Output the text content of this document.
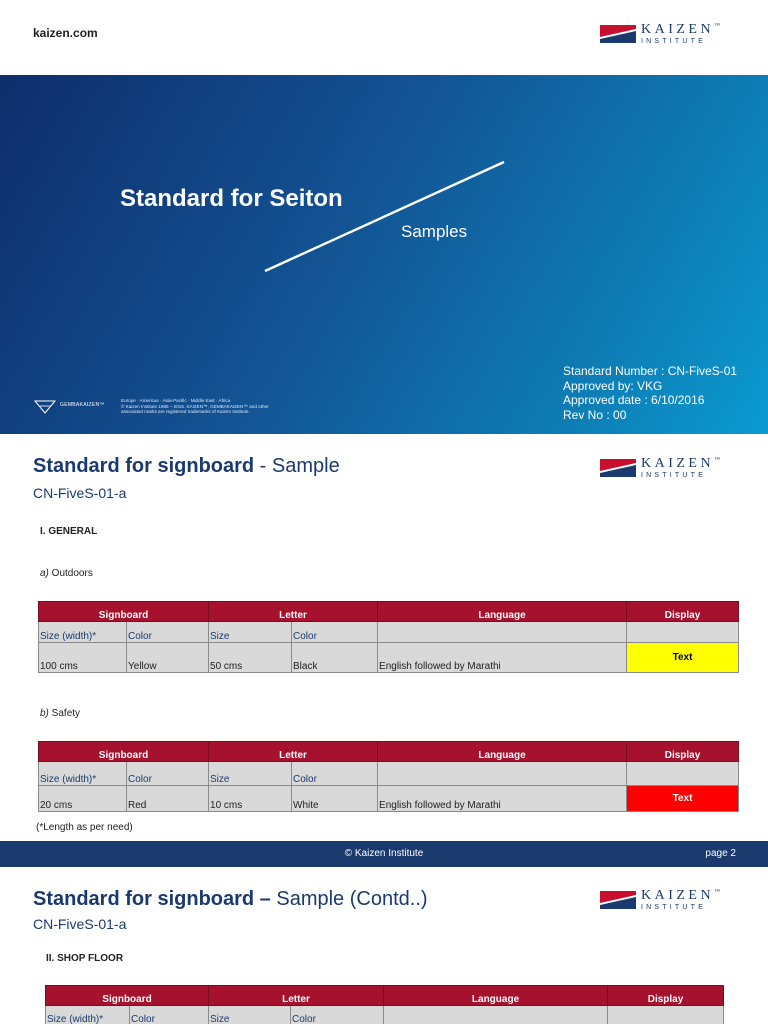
kaizen.com	KAIZEN™
INSTITUTE
Standard for Seiton
Samples
Standard Number : CN-FiveS-01
Approved by: VKG
Approved date : 6/10/2016
Rev No : 00
GEMBAKAIZEN™
Europe · Americas · Asia-Pacific · Middle East · Africa
© Kaizen Institute 1985 – 2015. KAIZEN™, GEMBAKAIZEN™ and other
associated marks are registered trademarks of Kaizen Institute.
Standard for signboard - Sample	KAIZEN™
INSTITUTE
CN-FiveS-01-a
I. GENERAL
a) Outdoors
Signboard		Letter		Language	Display
Size (width)*	Color	Size	Color		
100 cms	Yellow	50 cms	Black	English followed by Marathi	Text
b) Safety
Signboard		Letter		Language	Display
Size (width)*	Color	Size	Color		
20 cms	Red	10 cms	White	English followed by Marathi	Text
(*Length as per need)
© Kaizen Institute	page 2
Standard for signboard – Sample (Contd..)	KAIZEN™
INSTITUTE
CN-FiveS-01-a
II. SHOP FLOOR
Signboard		Letter		Language	Display
Size (width)*	Color	Size	Color		
